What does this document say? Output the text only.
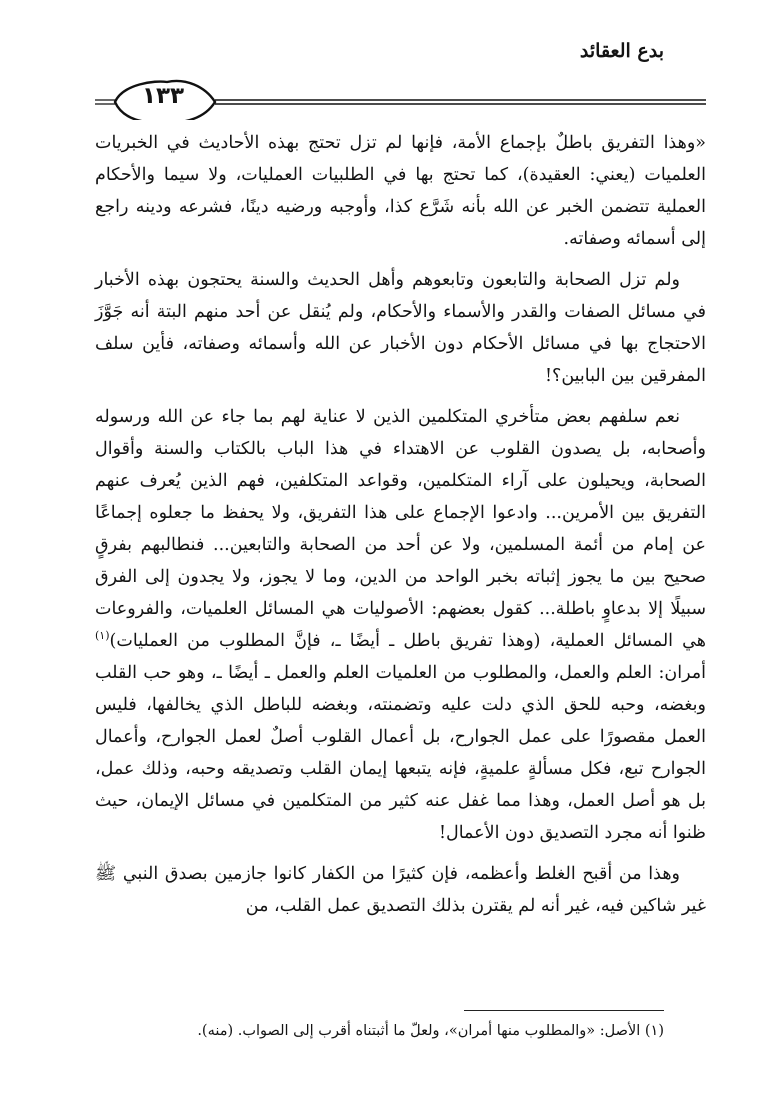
بدع العقائد
١٣٣

«وهذا التفريق باطلٌ بإجماع الأمة، فإنها لم تزل تحتج بهذه الأحاديث في الخبريات العلميات (يعني: العقيدة)، كما تحتج بها في الطلبيات العمليات، ولا سيما والأحكام العملية تتضمن الخبر عن الله بأنه شَرَّع كذا، وأوجبه ورضيه دينًا، فشرعه ودينه راجع إلى أسمائه وصفاته.

ولم تزل الصحابة والتابعون وتابعوهم وأهل الحديث والسنة يحتجون بهذه الأخبار في مسائل الصفات والقدر والأسماء والأحكام، ولم يُنقل عن أحد منهم البتة أنه جَوَّزَ الاحتجاج بها في مسائل الأحكام دون الأخبار عن الله وأسمائه وصفاته، فأين سلف المفرقين بين البابين؟!

نعم سلفهم بعض متأخري المتكلمين الذين لا عناية لهم بما جاء عن الله ورسوله وأصحابه، بل يصدون القلوب عن الاهتداء في هذا الباب بالكتاب والسنة وأقوال الصحابة، ويحيلون على آراء المتكلمين، وقواعد المتكلفين، فهم الذين يُعرف عنهم التفريق بين الأمرين... وادعوا الإجماع على هذا التفريق، ولا يحفظ ما جعلوه إجماعًا عن إمام من أئمة المسلمين، ولا عن أحد من الصحابة والتابعين... فنطالبهم بفرقٍ صحيح بين ما يجوز إثباته بخبر الواحد من الدين، وما لا يجوز، ولا يجدون إلى الفرق سبيلًا إلا بدعاوٍ باطلة... كقول بعضهم: الأصوليات هي المسائل العلميات، والفروعات هي المسائل العملية، (وهذا تفريق باطل ـ أيضًا ـ، فإنَّ المطلوب من العمليات)$^{(١)}$ أمران: العلم والعمل، والمطلوب من العلميات العلم والعمل ـ أيضًا ـ، وهو حب القلب وبغضه، وحبه للحق الذي دلت عليه وتضمنته، وبغضه للباطل الذي يخالفها، فليس العمل مقصورًا على عمل الجوارح، بل أعمال القلوب أصلٌ لعمل الجوارح، وأعمال الجوارح تبع، فكل مسألةٍ علميةٍ، فإنه يتبعها إيمان القلب وتصديقه وحبه، وذلك عمل، بل هو أصل العمل، وهذا مما غفل عنه كثير من المتكلمين في مسائل الإيمان، حيث ظنوا أنه مجرد التصديق دون الأعمال!

وهذا من أقبح الغلط وأعظمه، فإن كثيرًا من الكفار كانوا جازمين بصدق النبي ﷺ غير شاكين فيه، غير أنه لم يقترن بذلك التصديق عمل القلب، من

(١) الأصل: «والمطلوب منها أمران»، ولعلّ ما أثبتناه أقرب إلى الصواب. (منه).
